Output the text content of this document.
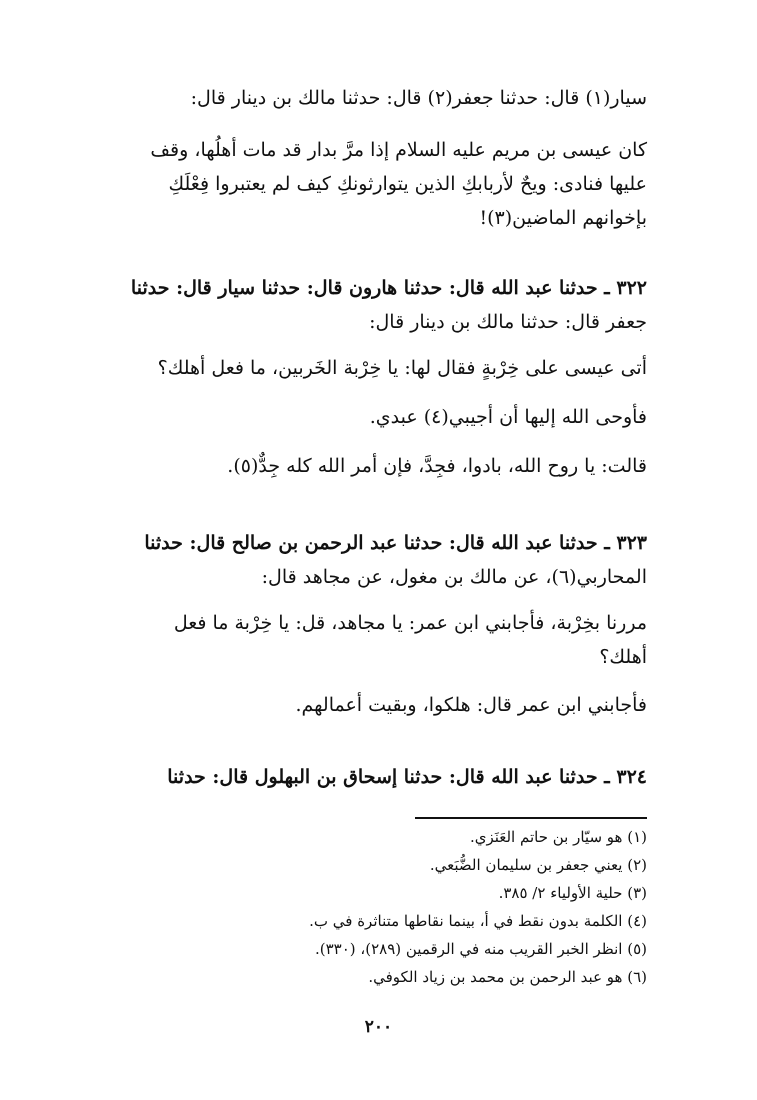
سيار(١) قال: حدثنا جعفر(٢) قال: حدثنا مالك بن دينار قال:
كان عيسى بن مريم عليه السلام إذا مرَّ بدار قد مات أهلُها، وقف
عليها فنادى: ويحٌ لأربابكِ الذين يتوارثونكِ كيف لم يعتبروا فِعْلَكِ
بإخوانهم الماضين(٣)!
٣٢٢ ـ حدثنا عبد الله قال: حدثنا هارون قال: حدثنا سيار قال: حدثنا
جعفر قال: حدثنا مالك بن دينار قال:
أتى عيسى على خِرْبةٍ فقال لها: يا خِرْبة الخَربين، ما فعل أهلك؟
فأوحى الله إليها أن أجيبي(٤) عبدي.
قالت: يا روح الله، بادوا، فجِدَّ، فإن أمر الله كله جِدٌّ(٥).
٣٢٣ ـ حدثنا عبد الله قال: حدثنا عبد الرحمن بن صالح قال: حدثنا
المحاربي(٦)، عن مالك بن مغول، عن مجاهد قال:
مررنا بخِرْبة، فأجابني ابن عمر: يا مجاهد، قل: يا خِرْبة ما فعل
أهلك؟
فأجابني ابن عمر قال: هلكوا، وبقيت أعمالهم.
٣٢٤ ـ حدثنا عبد الله قال: حدثنا إسحاق بن البهلول قال: حدثنا
(١) هو سيّار بن حاتم العَنَزي.
(٢) يعني جعفر بن سليمان الضُّبَعي.
(٣) حلية الأولياء ٢/ ٣٨٥.
(٤) الكلمة بدون نقط في أ، بينما نقاطها متناثرة في ب.
(٥) انظر الخبر القريب منه في الرقمين (٢٨٩)، (٣٣٠).
(٦) هو عبد الرحمن بن محمد بن زياد الكوفي.
٢٠٠
